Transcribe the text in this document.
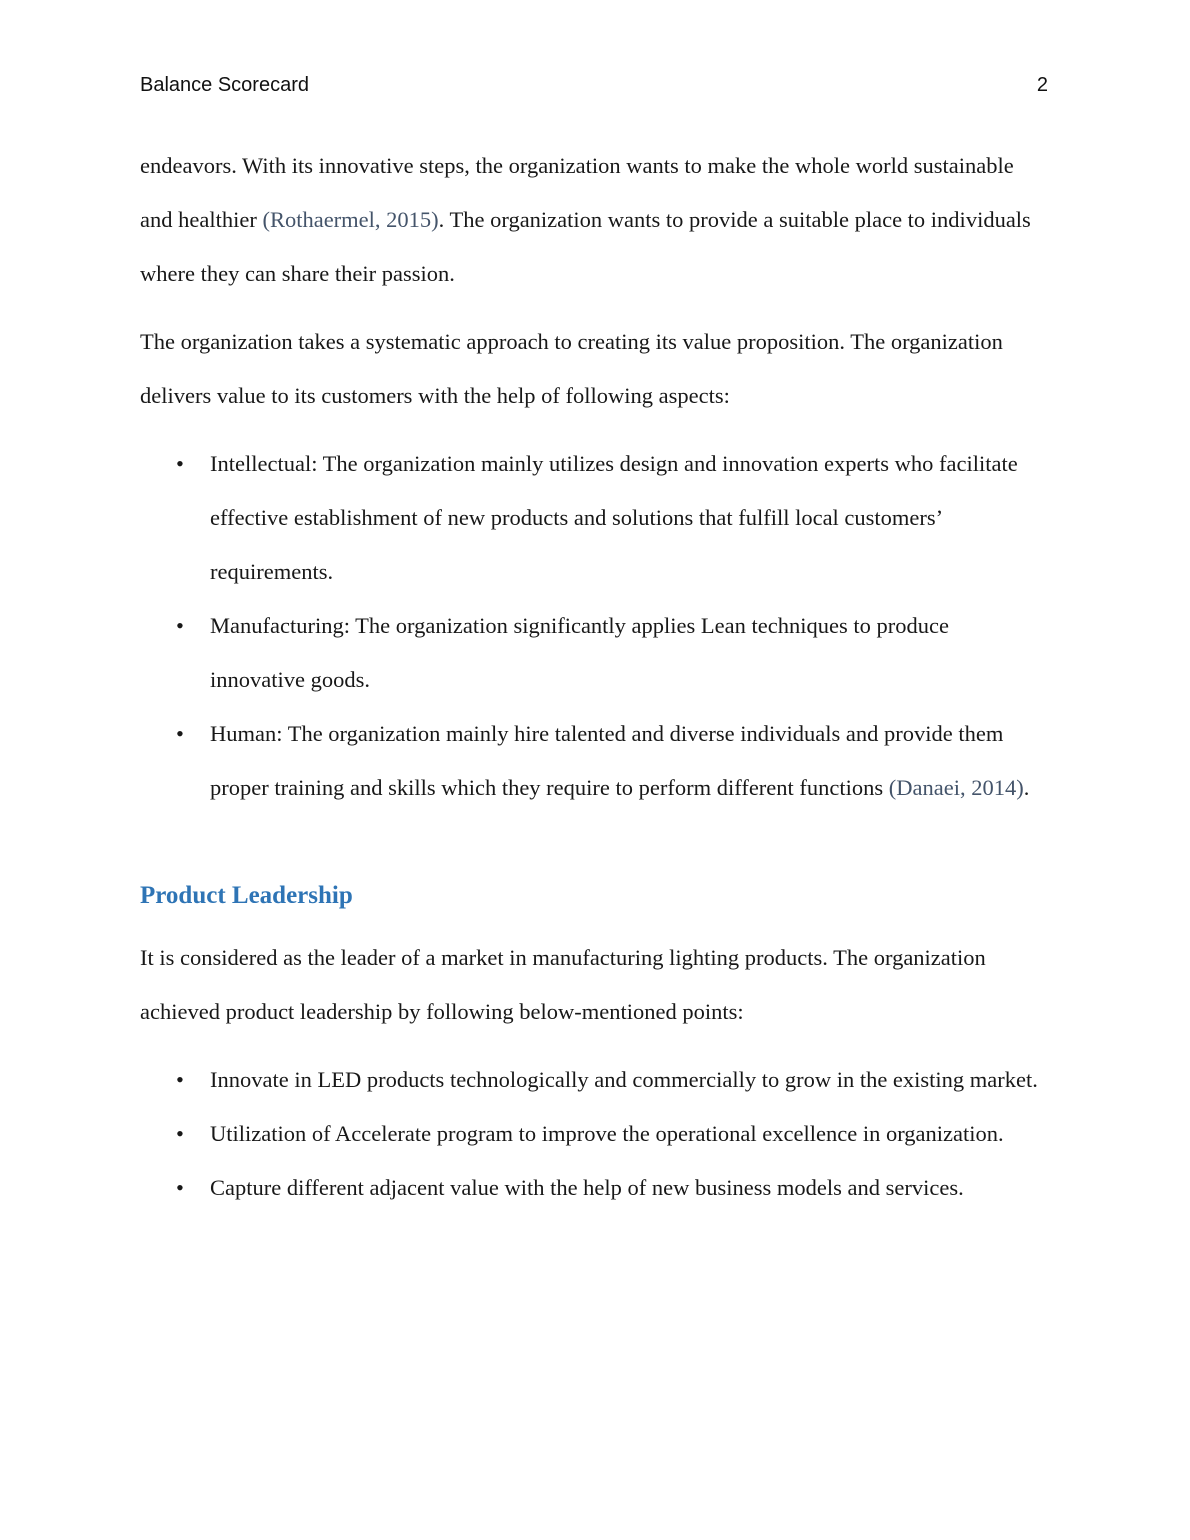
Balance Scorecard	2

endeavors. With its innovative steps, the organization wants to make the whole world sustainable and healthier (Rothaermel, 2015). The organization wants to provide a suitable place to individuals where they can share their passion.

The organization takes a systematic approach to creating its value proposition. The organization delivers value to its customers with the help of following aspects:

• Intellectual: The organization mainly utilizes design and innovation experts who facilitate effective establishment of new products and solutions that fulfill local customers’ requirements.
• Manufacturing: The organization significantly applies Lean techniques to produce innovative goods.
• Human: The organization mainly hire talented and diverse individuals and provide them proper training and skills which they require to perform different functions (Danaei, 2014).
Product Leadership

It is considered as the leader of a market in manufacturing lighting products. The organization achieved product leadership by following below-mentioned points:

• Innovate in LED products technologically and commercially to grow in the existing market.
• Utilization of Accelerate program to improve the operational excellence in organization.
• Capture different adjacent value with the help of new business models and services.
